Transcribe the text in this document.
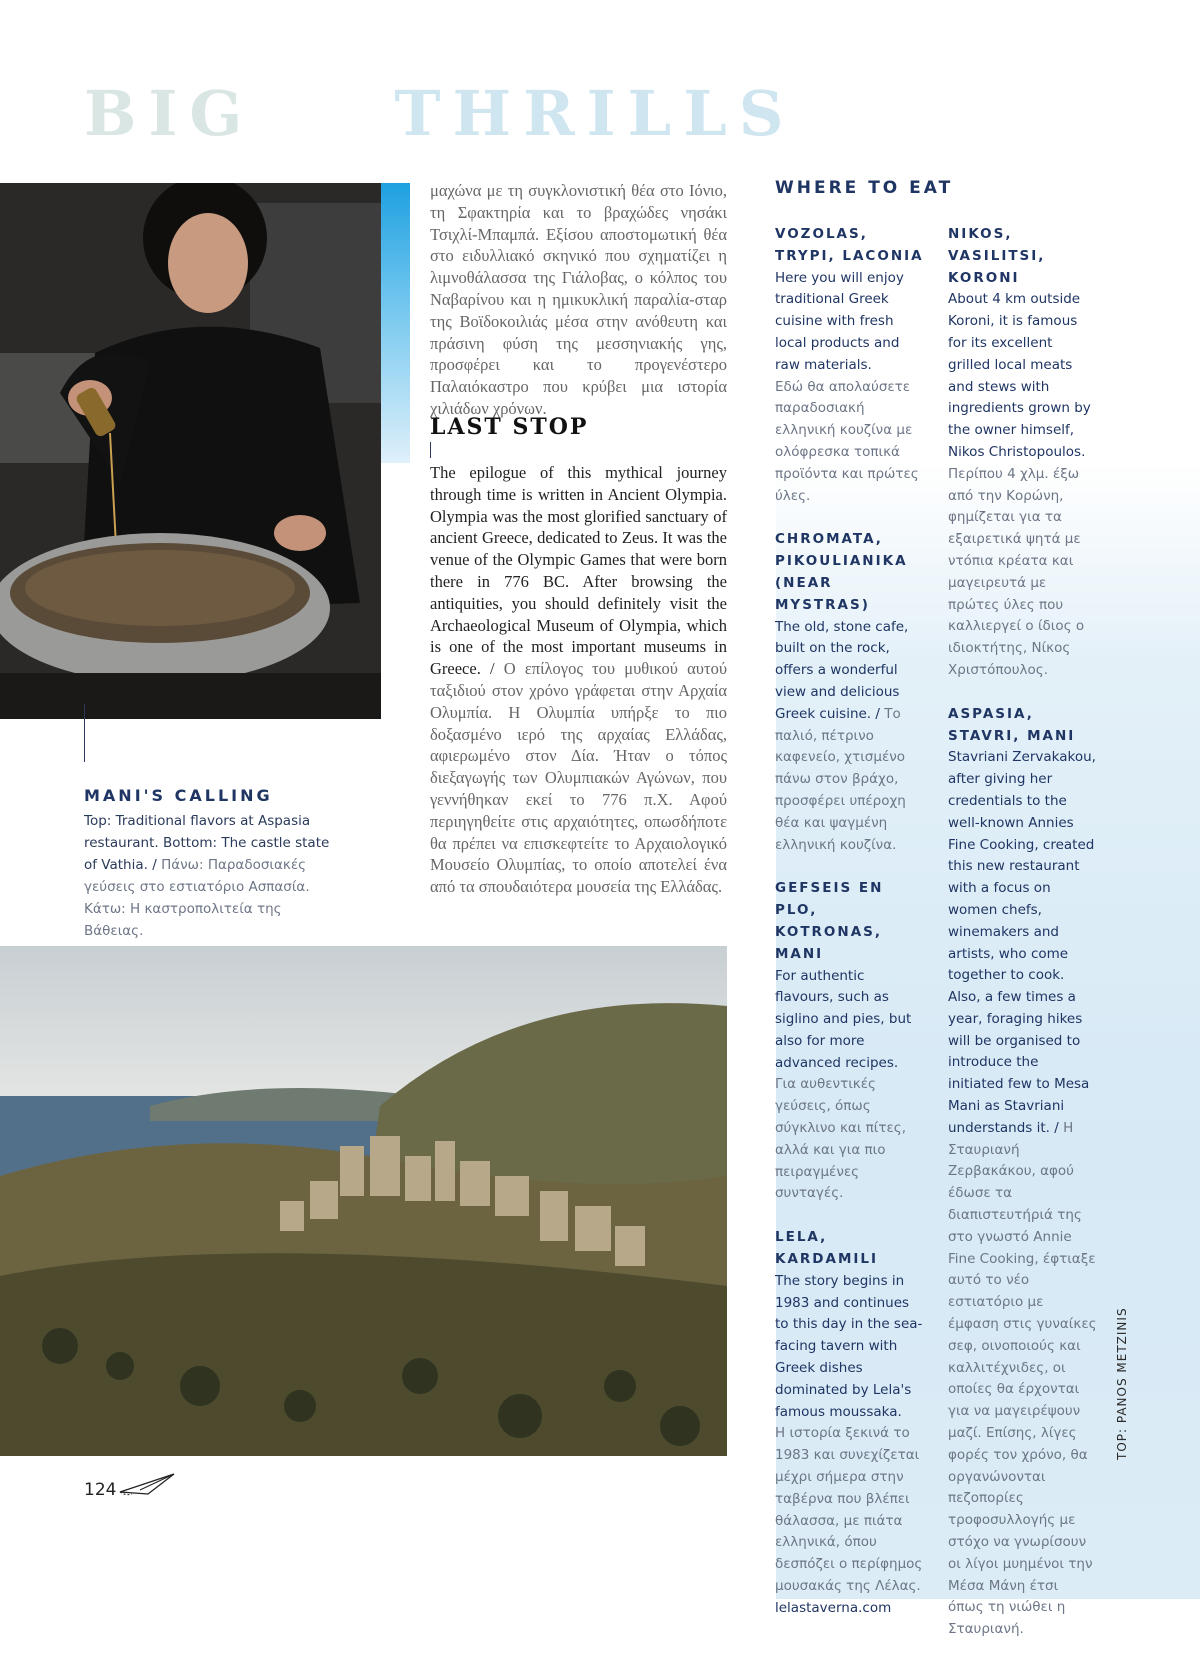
BIG THRILLS
MANI'S CALLING
Top: Traditional flavors at Aspasia restaurant. Bottom: The castle state of Vathia. / Πάνω: Παραδοσιακές γεύσεις στο εστιατόριο Ασπασία. Κάτω: Η καστροπολιτεία της Βάθειας.
μαχώνα με τη συγκλονιστική θέα στο Ιόνιο, τη Σφακτηρία και το βραχώδες νησάκι Τσιχλί-Μπαμπά. Εξίσου αποστομωτική θέα στο ειδυλλιακό σκηνικό που σχηματίζει η λιμνοθάλασσα της Γιάλοβας, ο κόλπος του Ναβαρίνου και η ημικυκλική παραλία-σταρ της Βοϊδοκοιλιάς μέσα στην ανόθευτη και πράσινη φύση της μεσσηνιακής γης, προσφέρει και το προγενέστερο Παλαιόκαστρο που κρύβει μια ιστορία χιλιάδων χρόνων.
LAST STOP
The epilogue of this mythical journey through time is written in Ancient Olympia. Olympia was the most glorified sanctuary of ancient Greece, dedicated to Zeus. It was the venue of the Olympic Games that were born there in 776 BC. After browsing the antiquities, you should definitely visit the Archaeological Museum of Olympia, which is one of the most important museums in Greece. / Ο επίλογος του μυθικού αυτού ταξιδιού στον χρόνο γράφεται στην Αρχαία Ολυμπία. Η Ολυμπία υπήρξε το πιο δοξασμένο ιερό της αρχαίας Ελλάδας, αφιερωμένο στον Δία. Ήταν ο τόπος διεξαγωγής των Ολυμπιακών Αγώνων, που γεννήθηκαν εκεί το 776 π.Χ. Αφού περιηγηθείτε στις αρχαιότητες, οπωσδήποτε θα πρέπει να επισκεφτείτε το Αρχαιολογικό Μουσείο Ολυμπίας, το οποίο αποτελεί ένα από τα σπουδαιότερα μουσεία της Ελλάδας.
WHERE TO EAT
VOZOLAS, TRYPI, LACONIA
Here you will enjoy traditional Greek cuisine with fresh local products and raw materials.
Εδώ θα απολαύσετε παραδοσιακή ελληνική κουζίνα με ολόφρεσκα τοπικά προϊόντα και πρώτες ύλες.
CHROMATA, PIKOULIANIKA (NEAR MYSTRAS)
The old, stone cafe, built on the rock, offers a wonderful view and delicious Greek cuisine. / Το παλιό, πέτρινο καφενείο, χτισμένο πάνω στον βράχο, προσφέρει υπέροχη θέα και ψαγμένη ελληνική κουζίνα.
GEFSEIS EN PLO, KOTRONAS, MANI
For authentic flavours, such as siglino and pies, but also for more advanced recipes.
Για αυθεντικές γεύσεις, όπως σύγκλινο και πίτες, αλλά και για πιο πειραγμένες συνταγές.
LELA, KARDAMILI
The story begins in 1983 and continues to this day in the sea-facing tavern with Greek dishes dominated by Lela's famous moussaka.
Η ιστορία ξεκινά το 1983 και συνεχίζεται μέχρι σήμερα στην ταβέρνα που βλέπει θάλασσα, με πιάτα ελληνικά, όπου δεσπόζει ο περίφημος μουσακάς της Λέλας.
lelastaverna.com
NIKOS, VASILITSI, KORONI
About 4 km outside Koroni, it is famous for its excellent grilled local meats and stews with ingredients grown by the owner himself, Nikos Christopoulos.
Περίπου 4 χλμ. έξω από την Κορώνη, φημίζεται για τα εξαιρετικά ψητά με ντόπια κρέατα και μαγειρευτά με πρώτες ύλες που καλλιεργεί ο ίδιος ο ιδιοκτήτης, Νίκος Χριστόπουλος.
ASPASIA, STAVRI, MANI
Stavriani Zervakakou, after giving her credentials to the well-known Annies Fine Cooking, created this new restaurant with a focus on women chefs, winemakers and artists, who come together to cook. Also, a few times a year, foraging hikes will be organised to introduce the initiated few to Mesa Mani as Stavriani understands it. / Η Σταυριανή Ζερβακάκου, αφού έδωσε τα διαπιστευτήριά της στο γνωστό Annie Fine Cooking, έφτιαξε αυτό το νέο εστιατόριο με έμφαση στις γυναίκες σεφ, οινοποιούς και καλλιτέχνιδες, οι οποίες θα έρχονται για να μαγειρέψουν μαζί. Επίσης, λίγες φορές τον χρόνο, θα οργανώνονται πεζοπορίες τροφοσυλλογής με στόχο να γνωρίσουν οι λίγοι μυημένοι την Μέσα Μάνη έτσι όπως τη νιώθει η Σταυριανή.
TOP: PANOS METZINIS
124
